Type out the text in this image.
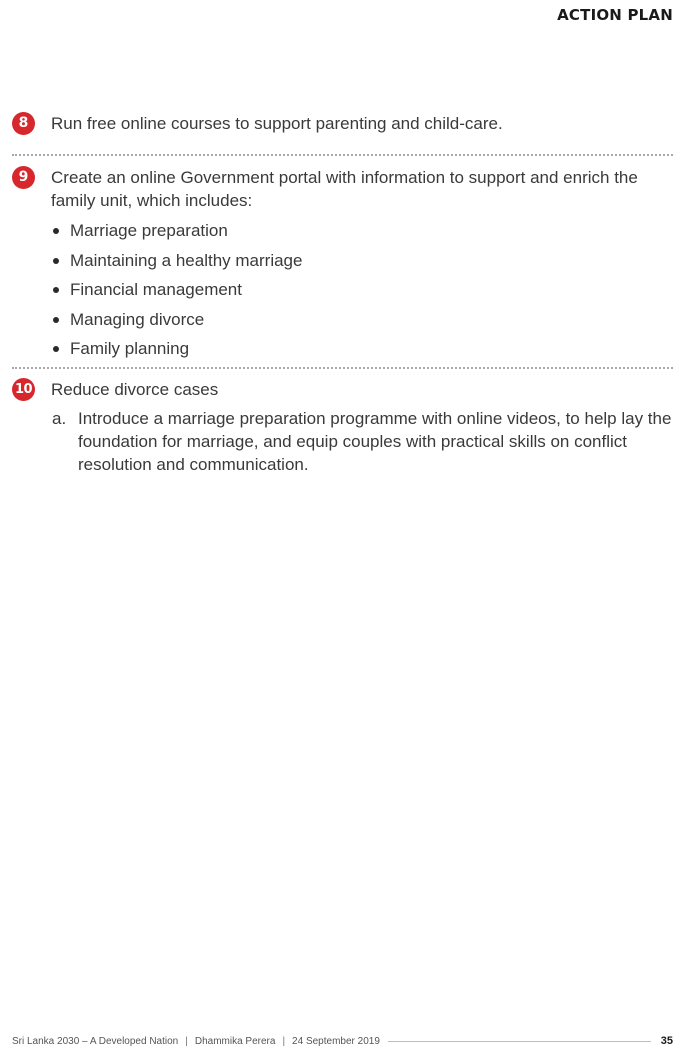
ACTION PLAN
8	Run free online courses to support parenting and child-care.
9	Create an online Government portal with information to support and enrich the family unit, which includes:
Marriage preparation
Maintaining a healthy marriage
Financial management
Managing divorce
Family planning
10 Reduce divorce cases
a. Introduce a marriage preparation programme with online videos, to help lay the foundation for marriage, and equip couples with practical skills on conflict resolution and communication.
Sri Lanka 2030 – A Developed Nation | Dhammika Perera | 24 September 2019	35
